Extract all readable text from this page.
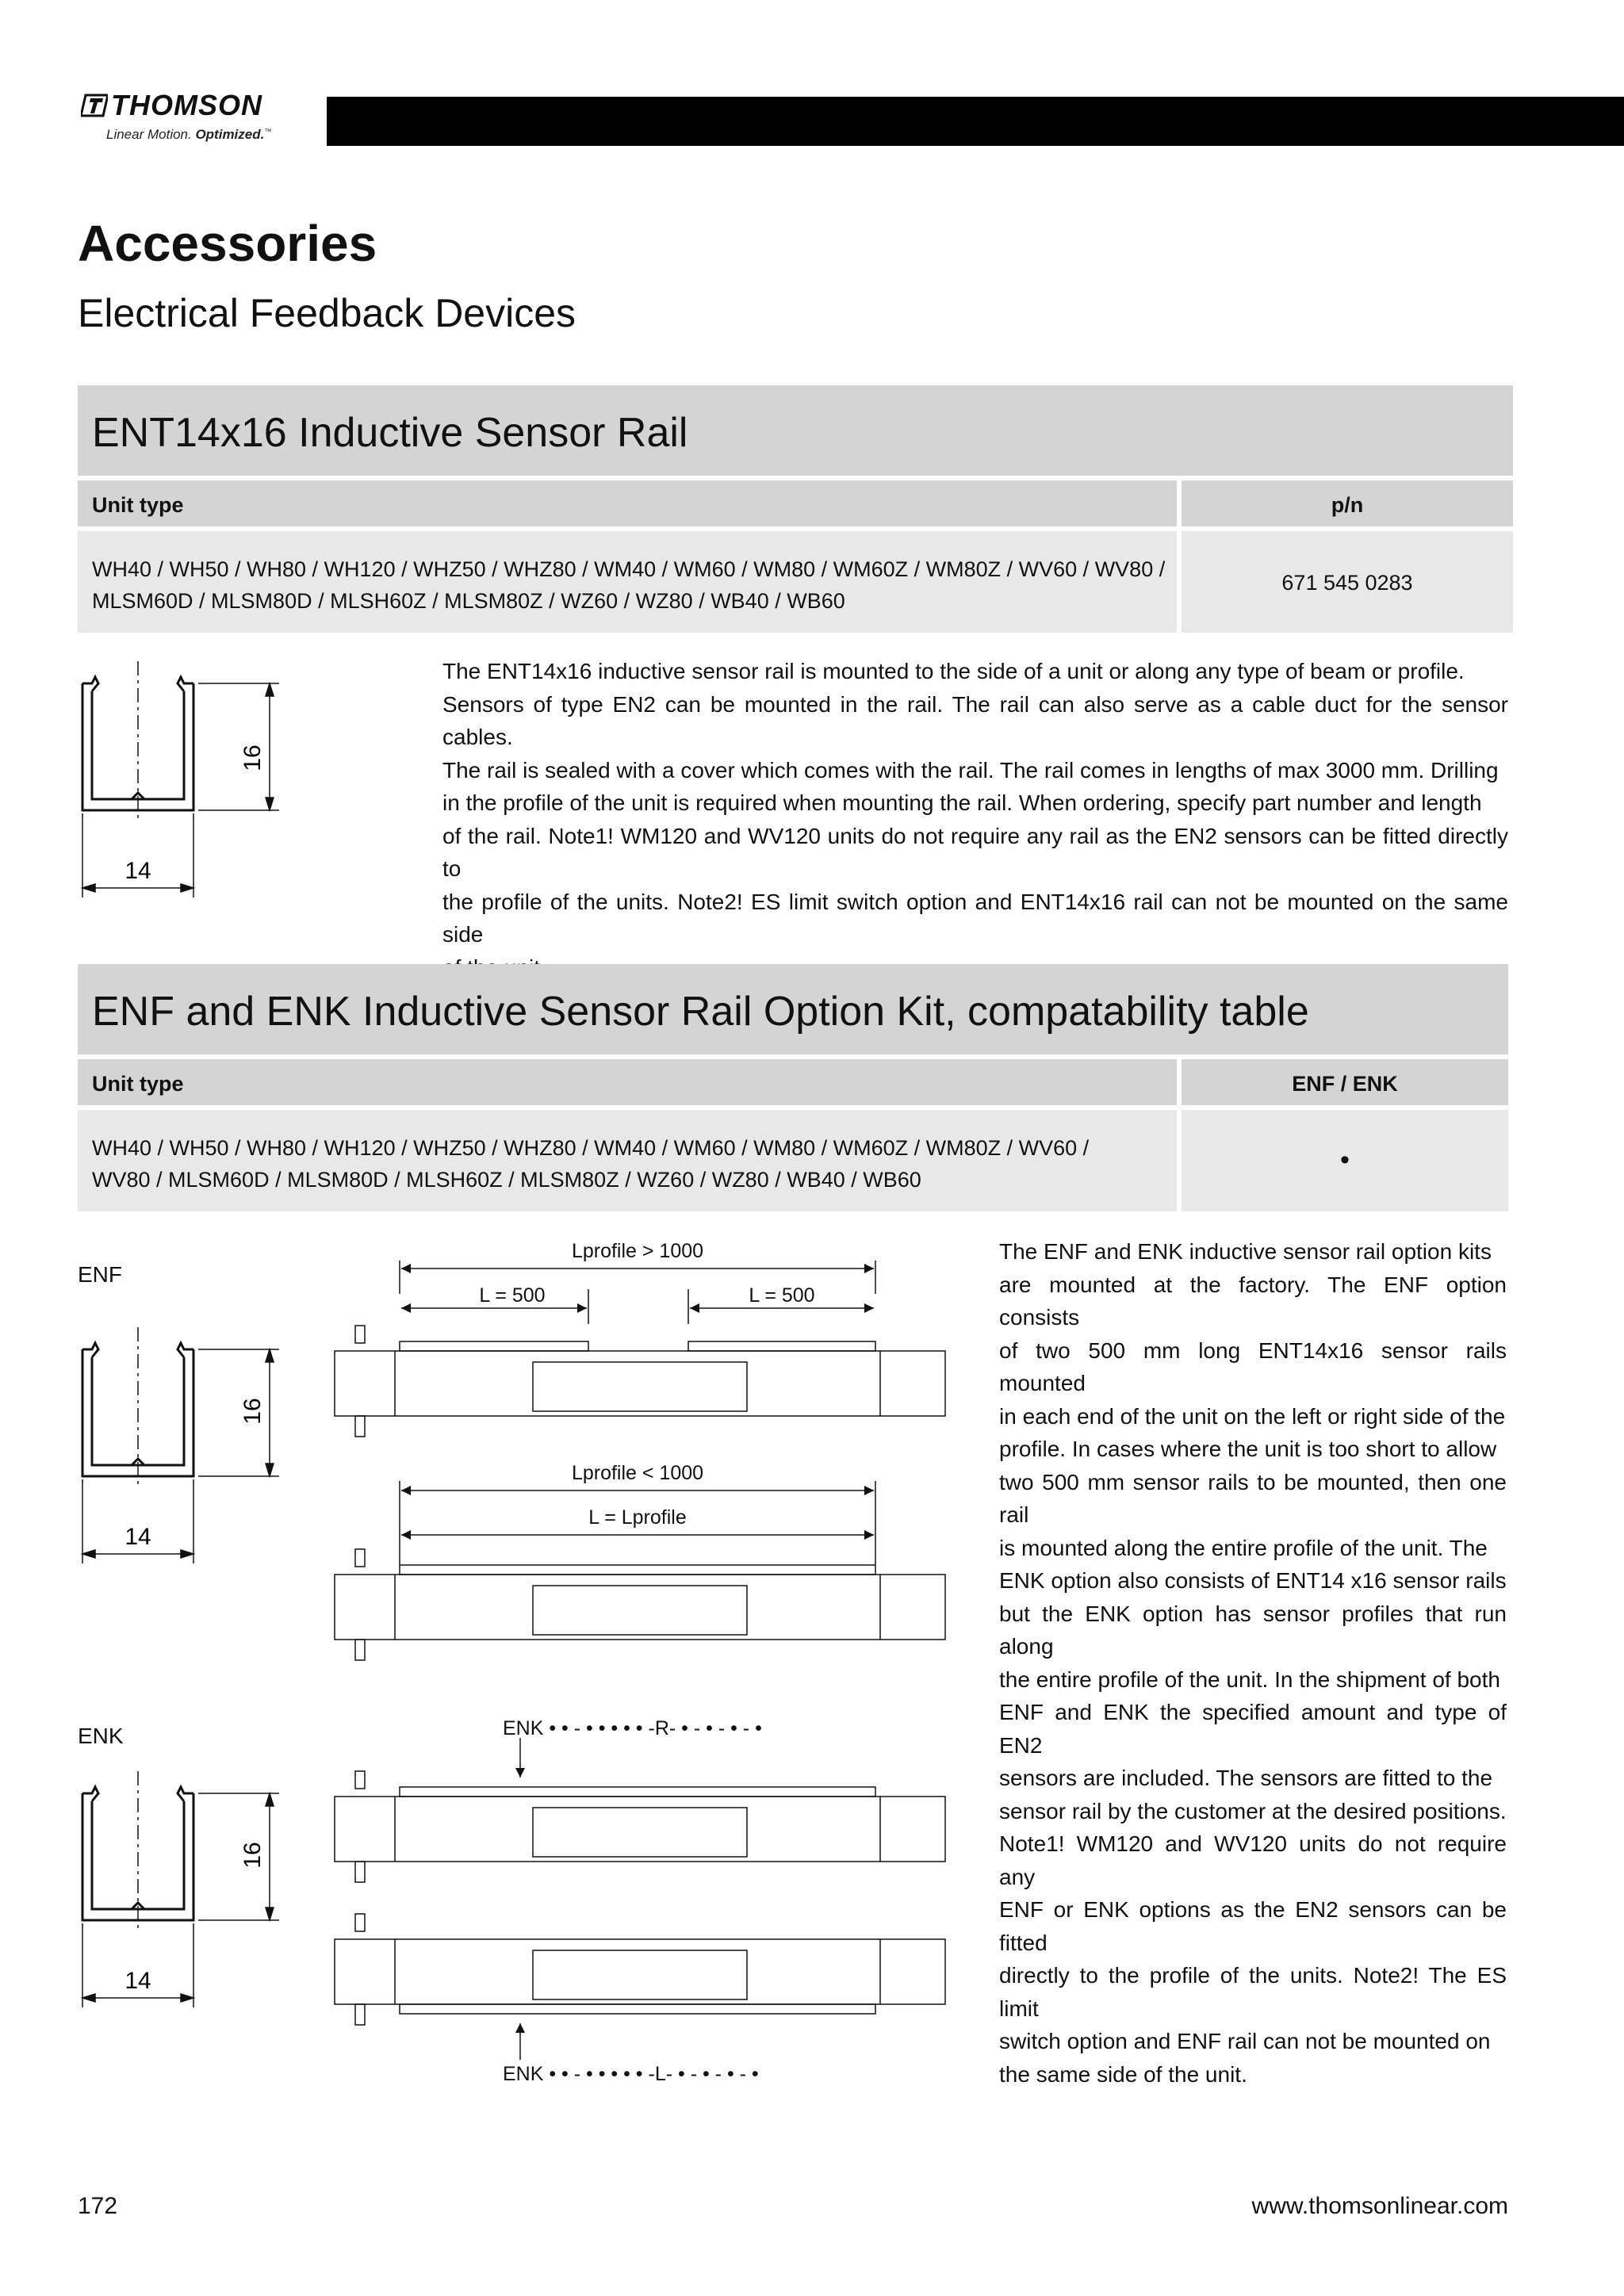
THOMSON
Linear Motion. Optimized.™
Accessories
Electrical Feedback Devices
ENT14x16 Inductive Sensor Rail
Unit type	p/n
WH40 / WH50 / WH80 / WH120 / WHZ50 / WHZ80 / WM40 / WM60 / WM80 / WM60Z / WM80Z / WV60 / WV80 /
MLSM60D / MLSM80D / MLSH60Z / MLSM80Z / WZ60 / WZ80 / WB40 / WB60
671 545 0283
16
14
The ENT14x16 inductive sensor rail is mounted to the side of a unit or along any type of beam or profile.
Sensors of type EN2 can be mounted in the rail. The rail can also serve as a cable duct for the sensor cables.
The rail is sealed with a cover which comes with the rail. The rail comes in lengths of max 3000 mm. Drilling
in the profile of the unit is required when mounting the rail. When ordering, specify part number and length
of the rail. Note1! WM120 and WV120 units do not require any rail as the EN2 sensors can be fitted directly to
the profile of the units. Note2! ES limit switch option and ENT14x16 rail can not be mounted on the same side
ENF and ENK Inductive Sensor Rail Option Kit, compatability table
Unit type	ENF / ENK
WH40 / WH50 / WH80 / WH120 / WHZ50 / WHZ80 / WM40 / WM60 / WM80 / WM60Z / WM80Z / WV60 /
WV80 / MLSM60D / MLSM80D / MLSH60Z / MLSM80Z / WZ60 / WZ80 / WB40 / WB60
•
ENF
16
14
ENK
16
14
Lprofile > 1000
L = 500	L = 500
Lprofile < 1000
L = Lprofile
ENK • • - • • • • • -R- • - • - • - •
ENK • • - • • • • • -L- • - • - • - •
The ENF and ENK inductive sensor rail option kits
are mounted at the factory. The ENF option consists
of two 500 mm long ENT14x16 sensor rails mounted
in each end of the unit on the left or right side of the
profile. In cases where the unit is too short to allow
two 500 mm sensor rails to be mounted, then one rail
is mounted along the entire profile of the unit. The
ENK option also consists of ENT14 x16 sensor rails
but the ENK option has sensor profiles that run along
the entire profile of the unit. In the shipment of both
ENF and ENK the specified amount and type of EN2
sensors are included. The sensors are fitted to the
sensor rail by the customer at the desired positions.
Note1! WM120 and WV120 units do not require any
ENF or ENK options as the EN2 sensors can be fitted
directly to the profile of the units. Note2! The ES limit
switch option and ENF rail can not be mounted on
the same side of the unit.
172	www.thomsonlinear.com
